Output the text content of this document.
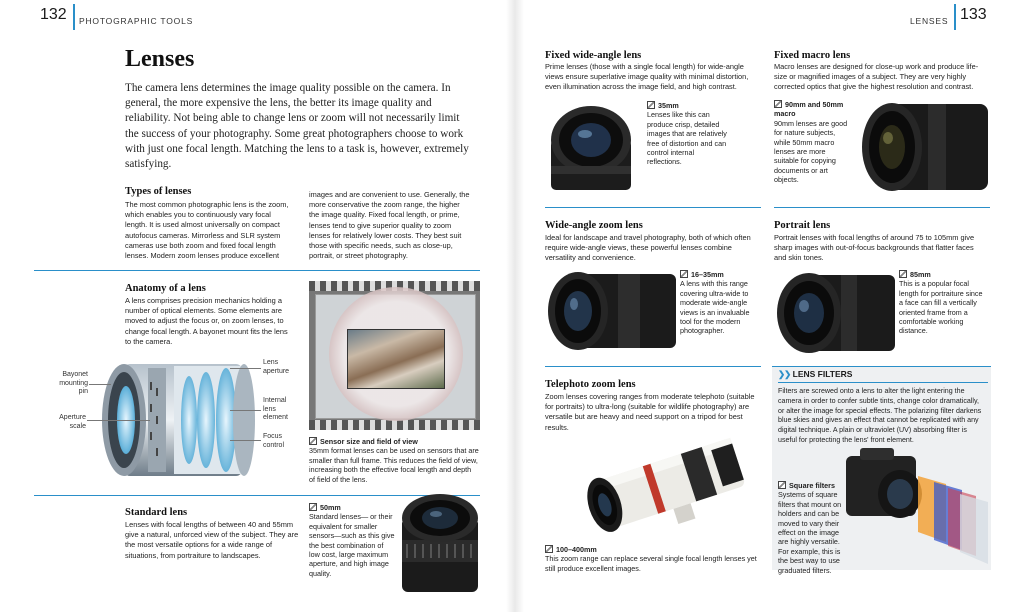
132 PHOTOGRAPHIC TOOLS	LENSES 133
Lenses
The camera lens determines the image quality possible on the camera. In general, the more expensive the lens, the better its image quality and reliability. Not being able to change lens or zoom will not necessarily limit the success of your photography. Some great photographers choose to work with just one focal length. Matching the lens to a task is, however, extremely satisfying.
Types of lenses
The most common photographic lens is the zoom, which enables you to continuously vary focal length. It is used almost universally on compact autofocus cameras. Mirrorless and SLR system cameras use both zoom and fixed focal length lenses. Modern zoom lenses produce excellent
images and are convenient to use. Generally, the more conservative the zoom range, the higher the image quality. Fixed focal length, or prime, lenses tend to give superior quality to zoom lenses for relatively lower costs. They best suit those with specific needs, such as close-up, portrait, or street photography.
Anatomy of a lens
A lens comprises precision mechanics holding a number of optical elements. Some elements are moved to adjust the focus or, on zoom lenses, to change focal length. A bayonet mount fits the lens to the camera.
Bayonet mounting pin
Aperture scale
Lens aperture
Internal lens element
Focus control	Sensor size and field of view
35mm format lenses can be used on sensors that are smaller than full frame. This reduces the field of view, increasing both the effective focal length and depth of field of the lens.
Standard lens
Lenses with focal lengths of between 40 and 55mm give a natural, unforced view of the subject. They are the most versatile options for a wide range of situations, from portraiture to landscapes.
50mm
Standard lenses— or their equivalent for smaller sensors—such as this give the best combination of low cost, large maximum aperture, and high image quality.
Fixed wide-angle lens
Prime lenses (those with a single focal length) for wide-angle views ensure superlative image quality with minimal distortion, even illumination across the image field, and high contrast.
35mm
Lenses like this can produce crisp, detailed images that are relatively free of distortion and can control internal reflections.
Fixed macro lens
Macro lenses are designed for close-up work and produce life-size or magnified images of a subject. They are very highly corrected optics that give the highest resolution and contrast.
90mm and 50mm macro
90mm lenses are good for nature subjects, while 50mm macro lenses are more suitable for copying documents or art objects.
Wide-angle zoom lens
Ideal for landscape and travel photography, both of which often require wide-angle views, these powerful lenses combine versatility and convenience.
16–35mm
A lens with this range covering ultra-wide to moderate wide-angle views is an invaluable tool for the modern photographer.
Portrait lens
Portrait lenses with focal lengths of around 75 to 105mm give sharp images with out-of-focus backgrounds that flatter faces and skin tones.
85mm
This is a popular focal length for portraiture since a face can fill a vertically oriented frame from a comfortable working distance.
Telephoto zoom lens
Zoom lenses covering ranges from moderate telephoto (suitable for portraits) to ultra-long (suitable for wildlife photography) are versatile but are heavy and need support on a tripod for best results.
100–400mm
This zoom range can replace several single focal length lenses yet still produce excellent images.
❯❯ LENS FILTERS
Filters are screwed onto a lens to alter the light entering the camera in order to confer subtle tints, change color dramatically, or alter the image for special effects. The polarizing filter darkens blue skies and gives an effect that cannot be replicated with any digital technique. A plain or ultraviolet (UV) absorbing filter is useful for protecting the lens' front element.
Square filters
Systems of square filters that mount on holders and can be moved to vary their effect on the image are highly versatile. For example, this is the best way to use graduated filters.
